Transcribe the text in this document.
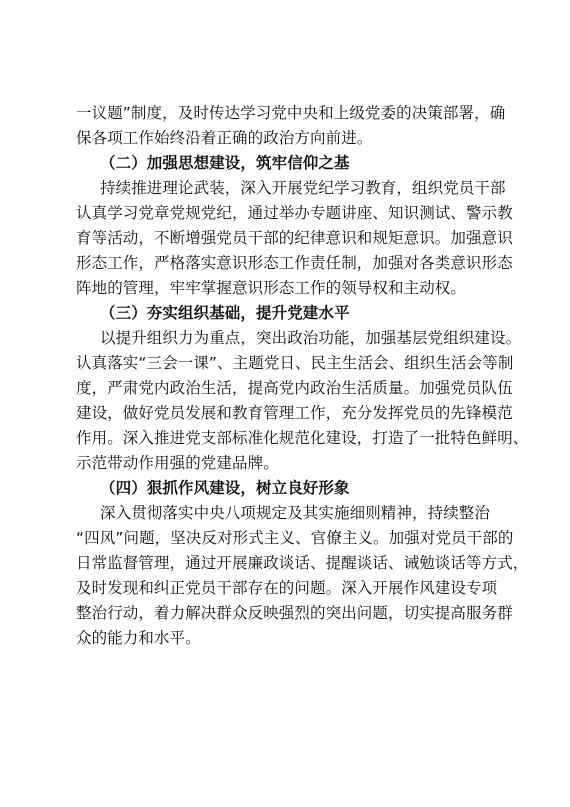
一议题”制度，及时传达学习党中央和上级党委的决策部署，确
保各项工作始终沿着正确的政治方向前进。
（二）加强思想建设，筑牢信仰之基
持续推进理论武装，深入开展党纪学习教育，组织党员干部
认真学习党章党规党纪，通过举办专题讲座、知识测试、警示教
育等活动，不断增强党员干部的纪律意识和规矩意识。加强意识
形态工作，严格落实意识形态工作责任制，加强对各类意识形态
阵地的管理，牢牢掌握意识形态工作的领导权和主动权。
（三）夯实组织基础，提升党建水平
以提升组织力为重点，突出政治功能，加强基层党组织建设。
认真落实“三会一课”、主题党日、民主生活会、组织生活会等制
度，严肃党内政治生活，提高党内政治生活质量。加强党员队伍
建设，做好党员发展和教育管理工作，充分发挥党员的先锋模范
作用。深入推进党支部标准化规范化建设，打造了一批特色鲜明、
示范带动作用强的党建品牌。
（四）狠抓作风建设，树立良好形象
深入贯彻落实中央八项规定及其实施细则精神，持续整治
“四风”问题，坚决反对形式主义、官僚主义。加强对党员干部的
日常监督管理，通过开展廉政谈话、提醒谈话、诫勉谈话等方式，
及时发现和纠正党员干部存在的问题。深入开展作风建设专项
整治行动，着力解决群众反映强烈的突出问题，切实提高服务群
众的能力和水平。
